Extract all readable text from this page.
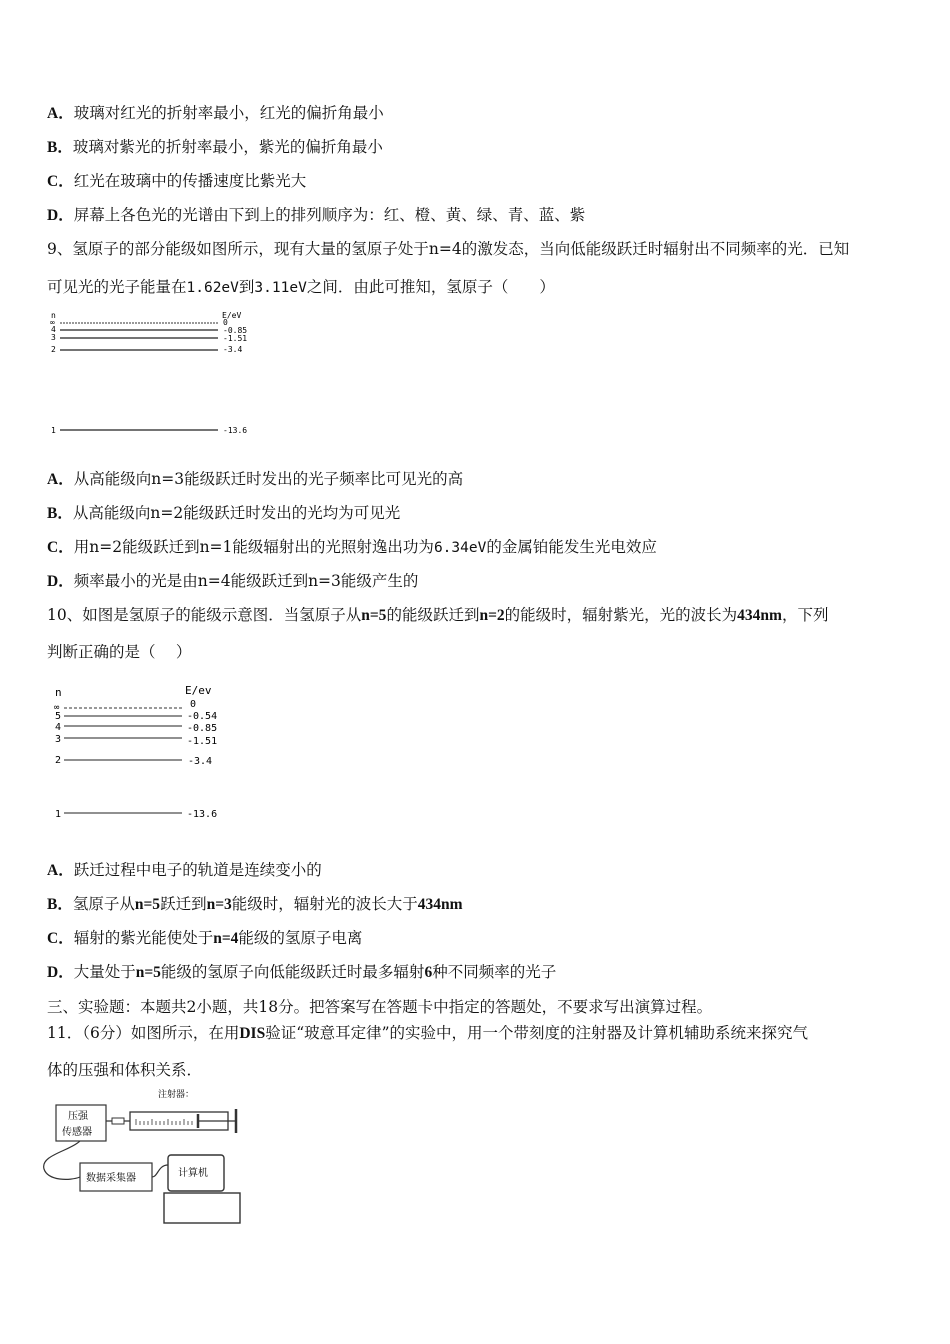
A．玻璃对红光的折射率最小，红光的偏折角最小
B．玻璃对紫光的折射率最小，紫光的偏折角最小
C．红光在玻璃中的传播速度比紫光大
D．屏幕上各色光的光谱由下到上的排列顺序为：红、橙、黄、绿、青、蓝、紫
9、氢原子的部分能级如图所示，现有大量的氢原子处于n=4的激发态，当向低能级跃迁时辐射出不同频率的光．已知
可见光的光子能量在1.62eV到3.11eV之间．由此可推知，氢原子（　　）
n	E/eV
∞	0
4	-0.85
3	-1.51
2	-3.4
1	-13.6
A．从高能级向n=3能级跃迁时发出的光子频率比可见光的高
B．从高能级向n=2能级跃迁时发出的光均为可见光
C．用n=2能级跃迁到n=1能级辐射出的光照射逸出功为6.34eV的金属铂能发生光电效应
D．频率最小的光是由n=4能级跃迁到n=3能级产生的
10、如图是氢原子的能级示意图．当氢原子从n=5的能级跃迁到n=2的能级时，辐射紫光，光的波长为434nm，下列
判断正确的是（　 ）
n	E/ev
∞	0
5	-0.54
4	-0.85
3	-1.51
2	-3.4
1	-13.6
A．跃迁过程中电子的轨道是连续变小的
B．氢原子从n=5跃迁到n=3能级时，辐射光的波长大于434nm
C．辐射的紫光能使处于n=4能级的氢原子电离
D．大量处于n=5能级的氢原子向低能级跃迁时最多辐射6种不同频率的光子
三、实验题：本题共2小题，共18分。把答案写在答题卡中指定的答题处，不要求写出演算过程。
11．（6分）如图所示，在用DIS验证“玻意耳定律”的实验中，用一个带刻度的注射器及计算机辅助系统来探究气
体的压强和体积关系．
注射器：
压强
传感器
数据采集器	计算机
